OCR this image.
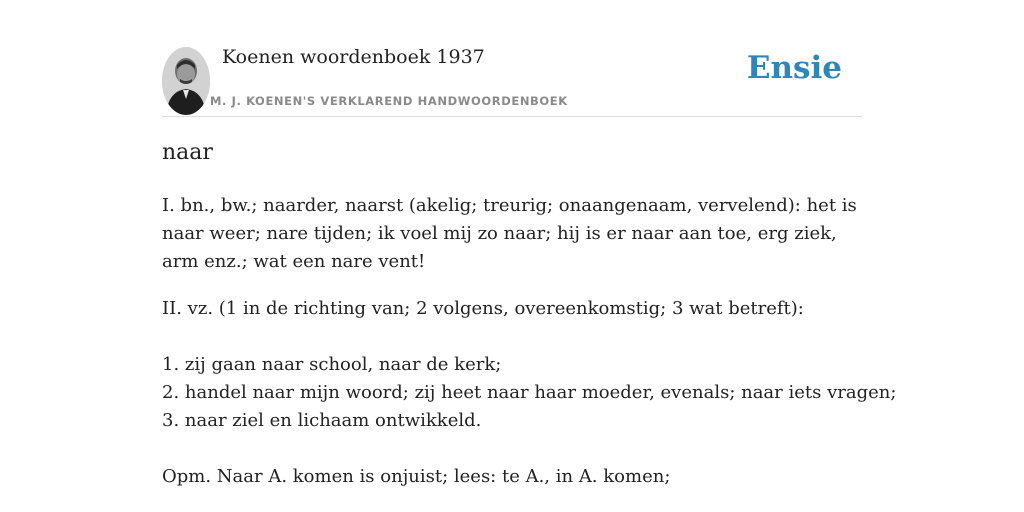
Koenen woordenboek 1937
M. J. KOENEN'S VERKLAREND HANDWOORDENBOEK
Ensie
naar
I. bn., bw.; naarder, naarst (akelig; treurig; onaangenaam, vervelend): het is naar weer; nare tijden; ik voel mij zo naar; hij is er naar aan toe, erg ziek, arm enz.; wat een nare vent!
II. vz. (1 in de richting van; 2 volgens, overeenkomstig; 3 wat betreft):
1. zij gaan naar school, naar de kerk;
2. handel naar mijn woord; zij heet naar haar moeder, evenals; naar iets vragen;
3. naar ziel en lichaam ontwikkeld.
Opm. Naar A. komen is onjuist; lees: te A., in A. komen;
